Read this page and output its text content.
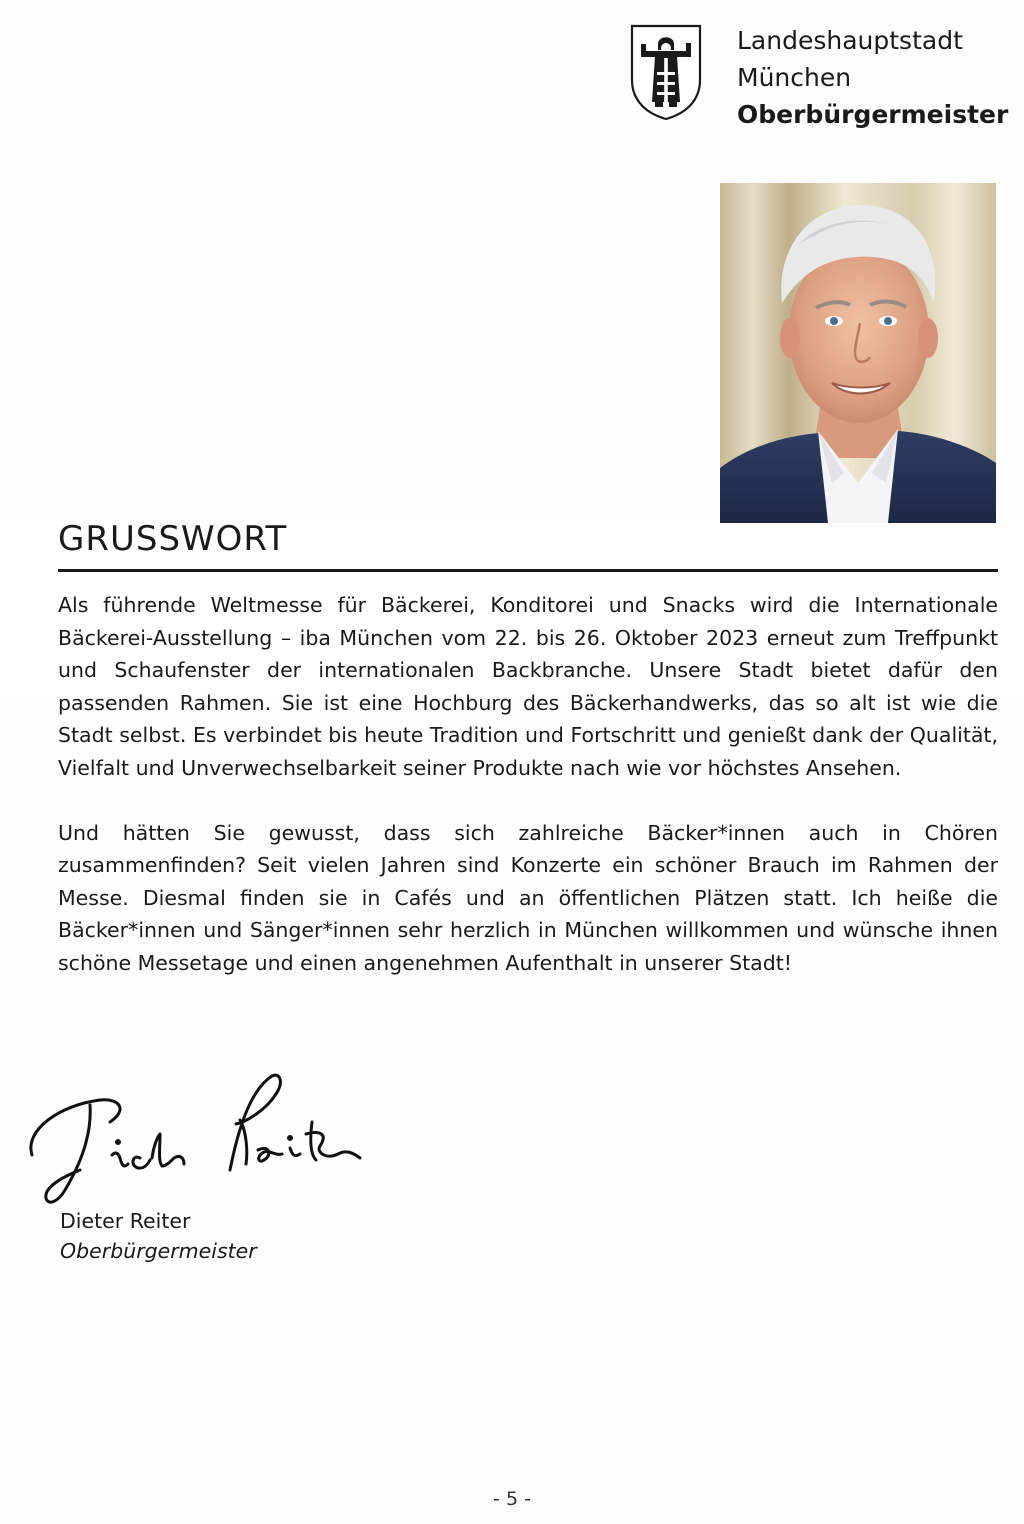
Landeshauptstadt
München
Oberbürgermeister
GRUSSWORT

Als führende Weltmesse für Bäckerei, Konditorei und Snacks wird die Internationale Bäckerei-Ausstellung – iba München vom 22. bis 26. Oktober 2023 erneut zum Treffpunkt und Schaufenster der internationalen Backbranche. Unsere Stadt bietet dafür den passenden Rahmen. Sie ist eine Hochburg des Bäckerhandwerks, das so alt ist wie die Stadt selbst. Es verbindet bis heute Tradition und Fortschritt und genießt dank der Qualität, Vielfalt und Unverwechselbarkeit seiner Produkte nach wie vor höchstes Ansehen.

Und hätten Sie gewusst, dass sich zahlreiche Bäcker*innen auch in Chören zusammenfinden? Seit vielen Jahren sind Konzerte ein schöner Brauch im Rahmen der Messe. Diesmal finden sie in Cafés und an öffentlichen Plätzen statt. Ich heiße die Bäcker*innen und Sänger*innen sehr herzlich in München willkommen und wünsche ihnen schöne Messetage und einen angenehmen Aufenthalt in unserer Stadt!

Dieter Reiter
Oberbürgermeister
- 5 -
